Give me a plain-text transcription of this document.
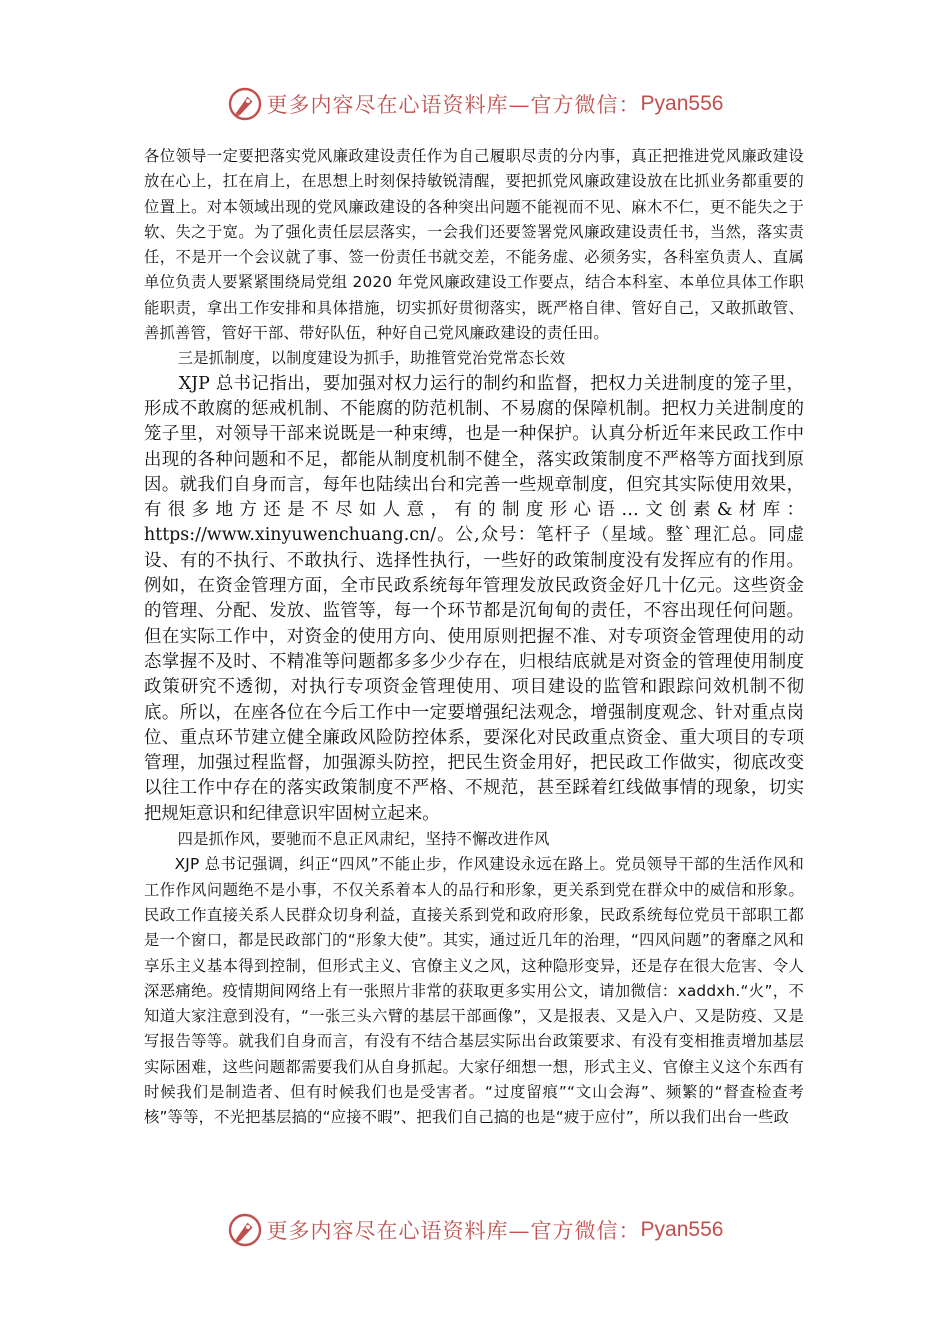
更多内容尽在心语资料库—官方微信： Pyan556

各位领导一定要把落实党风廉政建设责任作为自己履职尽责的分内事，真正把推进党风廉政建设放在心上，扛在肩上，在思想上时刻保持敏锐清醒，要把抓党风廉政建设放在比抓业务都重要的位置上。对本领域出现的党风廉政建设的各种突出问题不能视而不见、麻木不仁，更不能失之于软、失之于宽。为了强化责任层层落实，一会我们还要签署党风廉政建设责任书，当然，落实责任，不是开一个会议就了事、签一份责任书就交差，不能务虚、必须务实，各科室负责人、直属单位负责人要紧紧围绕局党组 2020 年党风廉政建设工作要点，结合本科室、本单位具体工作职能职责，拿出工作安排和具体措施，切实抓好贯彻落实，既严格自律、管好自己，又敢抓敢管、善抓善管，管好干部、带好队伍，种好自己党风廉政建设的责任田。

三是抓制度，以制度建设为抓手，助推管党治党常态长效

XJP 总书记指出，要加强对权力运行的制约和监督，把权力关进制度的笼子里，形成不敢腐的惩戒机制、不能腐的防范机制、不易腐的保障机制。把权力关进制度的笼子里，对领导干部来说既是一种束缚，也是一种保护。认真分析近年来民政工作中出现的各种问题和不足，都能从制度机制不健全，落实政策制度不严格等方面找到原因。就我们自身而言，每年也陆续出台和完善一些规章制度，但究其实际使用效果，有很多地方还是不尽如人意，有的制度形心语…文创素&材库：https://www.xinyuwenchuang.cn/。公,众号：笔杆子（星域。整`理汇总。同虚设、有的不执行、不敢执行、选择性执行，一些好的政策制度没有发挥应有的作用。例如，在资金管理方面，全市民政系统每年管理发放民政资金好几十亿元。这些资金的管理、分配、发放、监管等，每一个环节都是沉甸甸的责任，不容出现任何问题。但在实际工作中，对资金的使用方向、使用原则把握不准、对专项资金管理使用的动态掌握不及时、不精准等问题都多多少少存在，归根结底就是对资金的管理使用制度政策研究不透彻，对执行专项资金管理使用、项目建设的监管和跟踪问效机制不彻底。所以，在座各位在今后工作中一定要增强纪法观念，增强制度观念、针对重点岗位、重点环节建立健全廉政风险防控体系，要深化对民政重点资金、重大项目的专项管理，加强过程监督，加强源头防控，把民生资金用好，把民政工作做实，彻底改变以往工作中存在的落实政策制度不严格、不规范，甚至踩着红线做事情的现象，切实把规矩意识和纪律意识牢固树立起来。

四是抓作风，要驰而不息正风肃纪，坚持不懈改进作风

XJP 总书记强调，纠正“四风”不能止步，作风建设永远在路上。党员领导干部的生活作风和工作作风问题绝不是小事，不仅关系着本人的品行和形象，更关系到党在群众中的威信和形象。民政工作直接关系人民群众切身利益，直接关系到党和政府形象，民政系统每位党员干部职工都是一个窗口，都是民政部门的“形象大使”。其实，通过近几年的治理，“四风问题”的奢靡之风和享乐主义基本得到控制，但形式主义、官僚主义之风，这种隐形变异，还是存在很大危害、令人深恶痛绝。疫情期间网络上有一张照片非常的获取更多实用公文，请加微信：xaddxh.“火”，不知道大家注意到没有，“一张三头六臂的基层干部画像”，又是报表、又是入户、又是防疫、又是写报告等等。就我们自身而言，有没有不结合基层实际出台政策要求、有没有变相推责增加基层实际困难，这些问题都需要我们从自身抓起。大家仔细想一想，形式主义、官僚主义这个东西有时候我们是制造者、但有时候我们也是受害者。“过度留痕”“文山会海”、频繁的“督查检查考核”等等，不光把基层搞的“应接不暇”、把我们自己搞的也是“疲于应付”，所以我们出台一些政

更多内容尽在心语资料库—官方微信： Pyan556
